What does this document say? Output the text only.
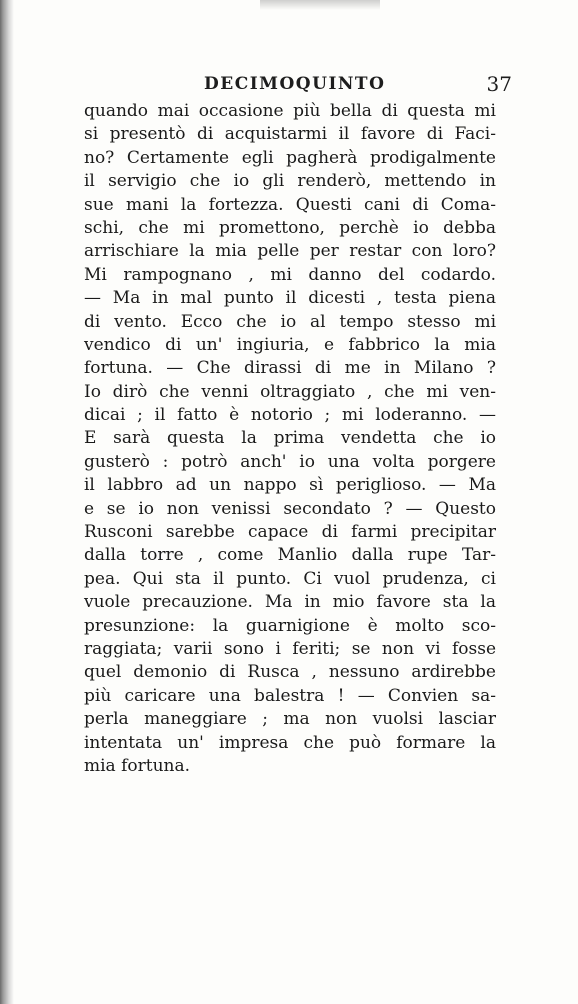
DECIMOQUINTO	37
quando mai occasione più bella di questa mi
si presentò di acquistarmi il favore di Faci-
no? Certamente egli pagherà prodigalmente
il servigio che io gli renderò, mettendo in
sue mani la fortezza. Questi cani di Coma-
schi, che mi promettono, perchè io debba
arrischiare la mia pelle per restar con loro?
Mi rampognano , mi danno del codardo.
— Ma in mal punto il dicesti , testa piena
di vento. Ecco che io al tempo stesso mi
vendico di un' ingiuria, e fabbrico la mia
fortuna. — Che dirassi di me in Milano ?
Io dirò che venni oltraggiato , che mi ven-
dicai ; il fatto è notorio ; mi loderanno. —
E sarà questa la prima vendetta che io
gusterò : potrò anch' io una volta porgere
il labbro ad un nappo sì periglioso. — Ma
e se io non venissi secondato ? — Questo
Rusconi sarebbe capace di farmi precipitar
dalla torre , come Manlio dalla rupe Tar-
pea. Qui sta il punto. Ci vuol prudenza, ci
vuole precauzione. Ma in mio favore sta la
presunzione: la guarnigione è molto sco-
raggiata; varii sono i feriti; se non vi fosse
quel demonio di Rusca , nessuno ardirebbe
più caricare una balestra ! — Convien sa-
perla maneggiare ; ma non vuolsi lasciar
intentata un' impresa che può formare la
mia fortuna.
